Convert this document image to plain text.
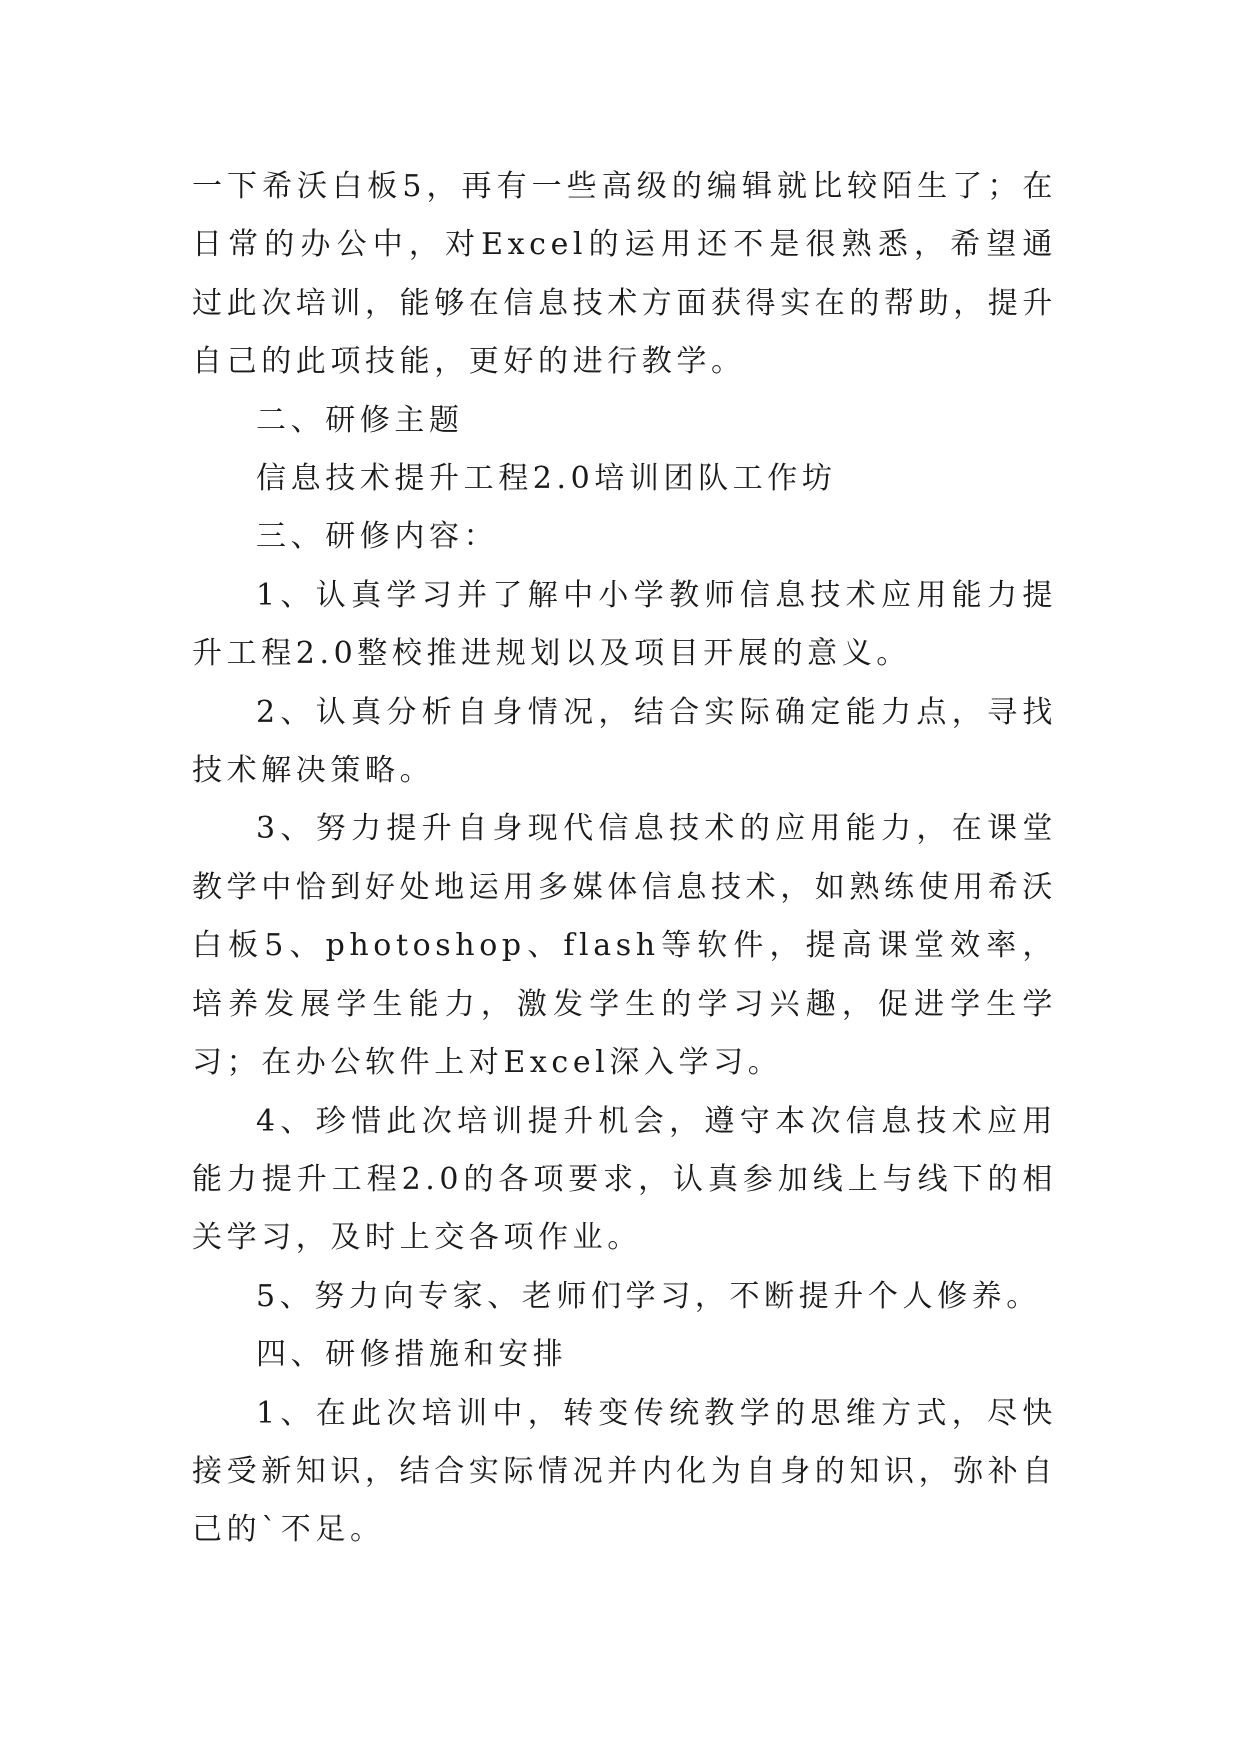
一下希沃白板5，再有一些高级的编辑就比较陌生了；在日常的办公中，对Excel的运用还不是很熟悉，希望通过此次培训，能够在信息技术方面获得实在的帮助，提升自己的此项技能，更好的进行教学。

二、研修主题

信息技术提升工程2.0培训团队工作坊

三、研修内容：

1、认真学习并了解中小学教师信息技术应用能力提升工程2.0整校推进规划以及项目开展的意义。

2、认真分析自身情况，结合实际确定能力点，寻找技术解决策略。

3、努力提升自身现代信息技术的应用能力，在课堂教学中恰到好处地运用多媒体信息技术，如熟练使用希沃白板5、photoshop、flash等软件，提高课堂效率，培养发展学生能力，激发学生的学习兴趣，促进学生学习；在办公软件上对Excel深入学习。

4、珍惜此次培训提升机会，遵守本次信息技术应用能力提升工程2.0的各项要求，认真参加线上与线下的相关学习，及时上交各项作业。

5、努力向专家、老师们学习，不断提升个人修养。

四、研修措施和安排

1、在此次培训中，转变传统教学的思维方式，尽快接受新知识，结合实际情况并内化为自身的知识，弥补自己的`不足。
